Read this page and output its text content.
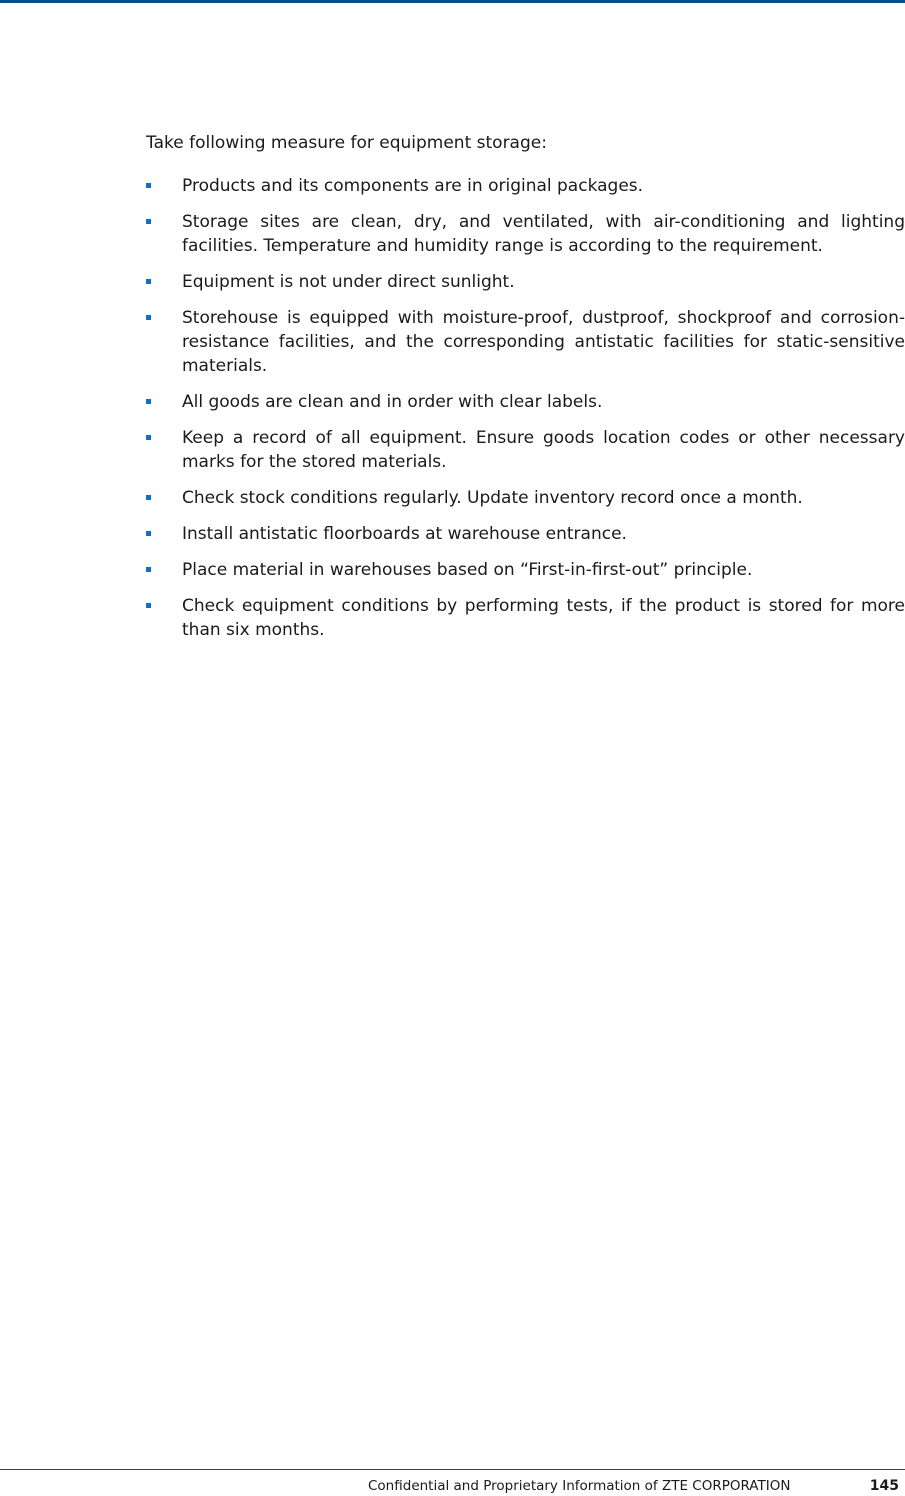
Take following measure for equipment storage:

Products and its components are in original packages.
Storage sites are clean, dry, and ventilated, with air-conditioning and lighting facilities. Temperature and humidity range is according to the requirement.
Equipment is not under direct sunlight.
Storehouse is equipped with moisture-proof, dustproof, shockproof and corrosion-resistance facilities, and the corresponding antistatic facilities for static-sensitive materials.
All goods are clean and in order with clear labels.
Keep a record of all equipment. Ensure goods location codes or other necessary marks for the stored materials.
Check stock conditions regularly. Update inventory record once a month.
Install antistatic floorboards at warehouse entrance.
Place material in warehouses based on “First-in-first-out” principle.
Check equipment conditions by performing tests, if the product is stored for more than six months.
Confidential and Proprietary Information of ZTE CORPORATION	145
